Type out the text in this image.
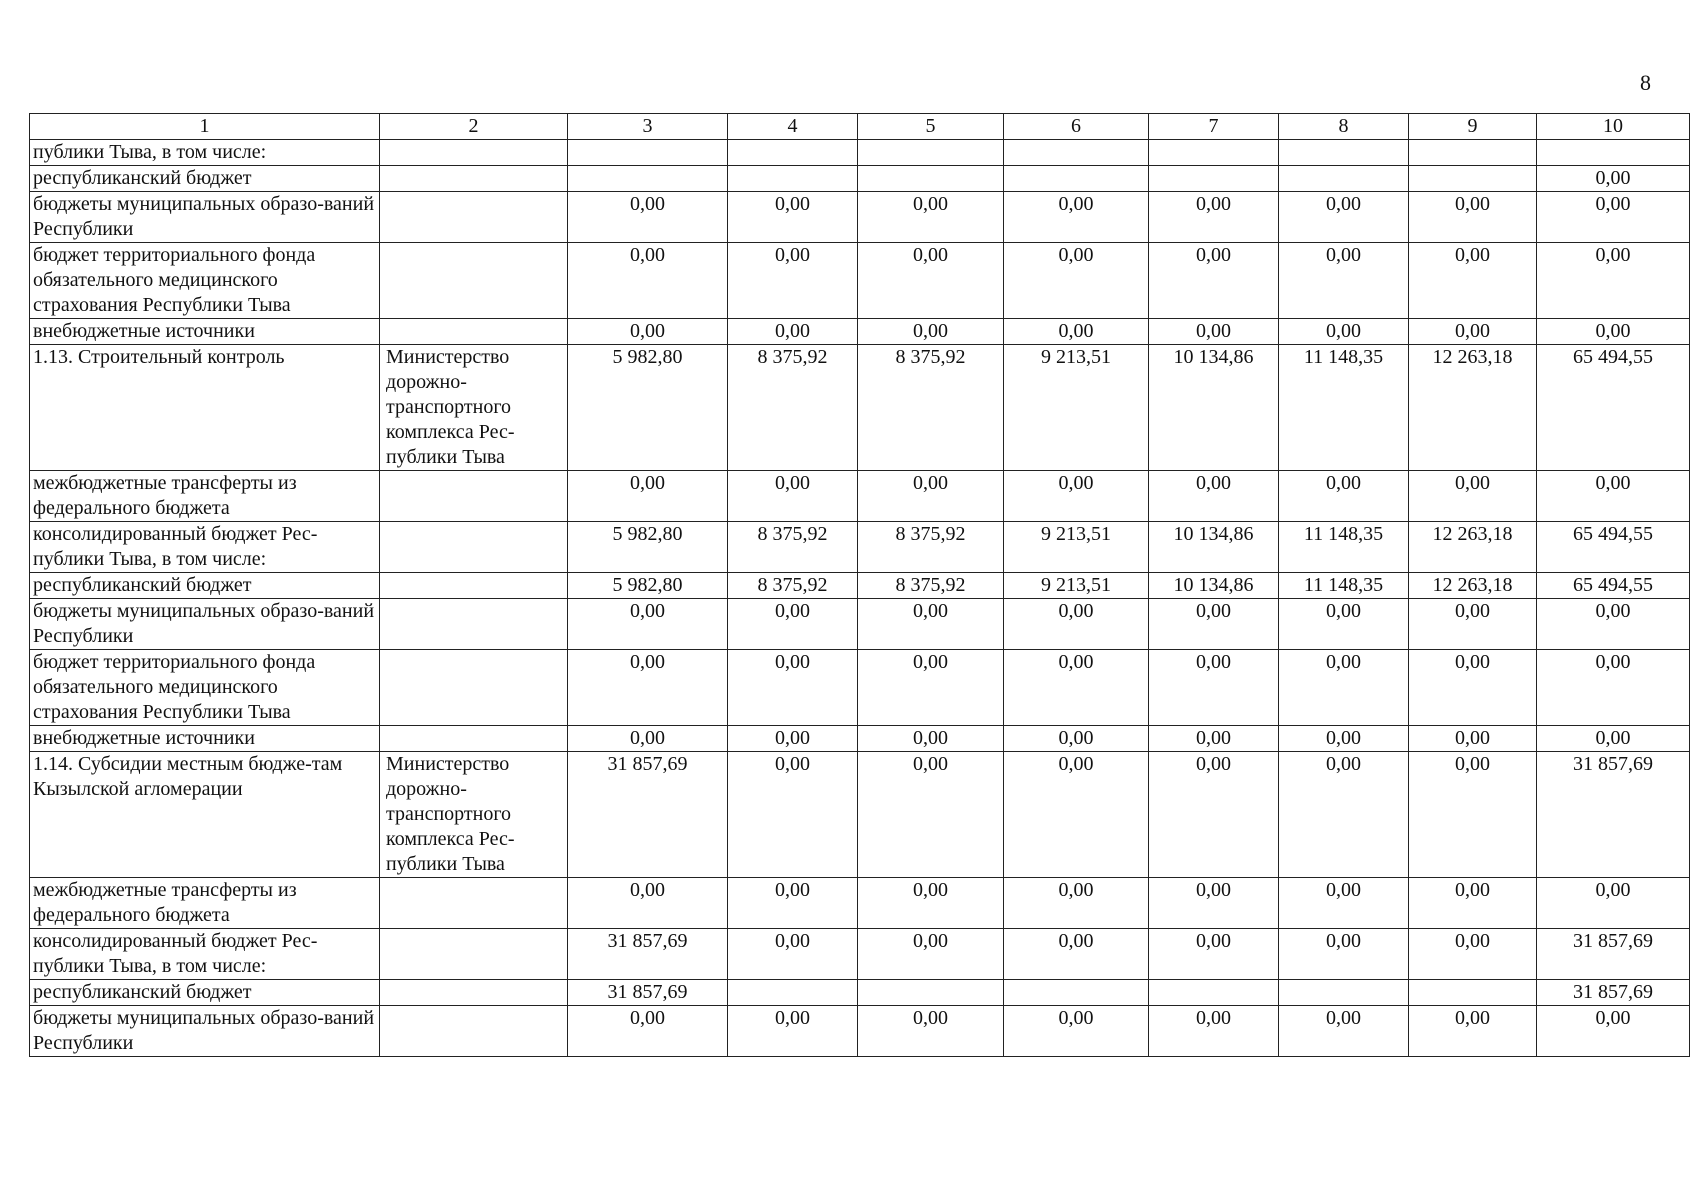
8
1	2	3	4	5	6	7	8	9	10
публики Тыва, в том числе:									
республиканский бюджет									0,00
бюджеты муниципальных образо-ваний Республики		0,00	0,00	0,00	0,00	0,00	0,00	0,00	0,00
бюджет территориального фонда обязательного медицинского страхования Республики Тыва		0,00	0,00	0,00	0,00	0,00	0,00	0,00	0,00
внебюджетные источники		0,00	0,00	0,00	0,00	0,00	0,00	0,00	0,00
1.13. Строительный контроль	Министерство дорожно-транспортного комплекса Рес-публики Тыва	5 982,80	8 375,92	8 375,92	9 213,51	10 134,86	11 148,35	12 263,18	65 494,55
межбюджетные трансферты из федерального бюджета		0,00	0,00	0,00	0,00	0,00	0,00	0,00	0,00
консолидированный бюджет Рес-публики Тыва, в том числе:		5 982,80	8 375,92	8 375,92	9 213,51	10 134,86	11 148,35	12 263,18	65 494,55
республиканский бюджет		5 982,80	8 375,92	8 375,92	9 213,51	10 134,86	11 148,35	12 263,18	65 494,55
бюджеты муниципальных образо-ваний Республики		0,00	0,00	0,00	0,00	0,00	0,00	0,00	0,00
бюджет территориального фонда обязательного медицинского страхования Республики Тыва		0,00	0,00	0,00	0,00	0,00	0,00	0,00	0,00
внебюджетные источники		0,00	0,00	0,00	0,00	0,00	0,00	0,00	0,00
1.14. Субсидии местным бюдже-там Кызылской агломерации	Министерство дорожно-транспортного комплекса Рес-публики Тыва	31 857,69	0,00	0,00	0,00	0,00	0,00	0,00	31 857,69
межбюджетные трансферты из федерального бюджета		0,00	0,00	0,00	0,00	0,00	0,00	0,00	0,00
консолидированный бюджет Рес-публики Тыва, в том числе:		31 857,69	0,00	0,00	0,00	0,00	0,00	0,00	31 857,69
республиканский бюджет		31 857,69							31 857,69
бюджеты муниципальных образо-ваний Республики		0,00	0,00	0,00	0,00	0,00	0,00	0,00	0,00
